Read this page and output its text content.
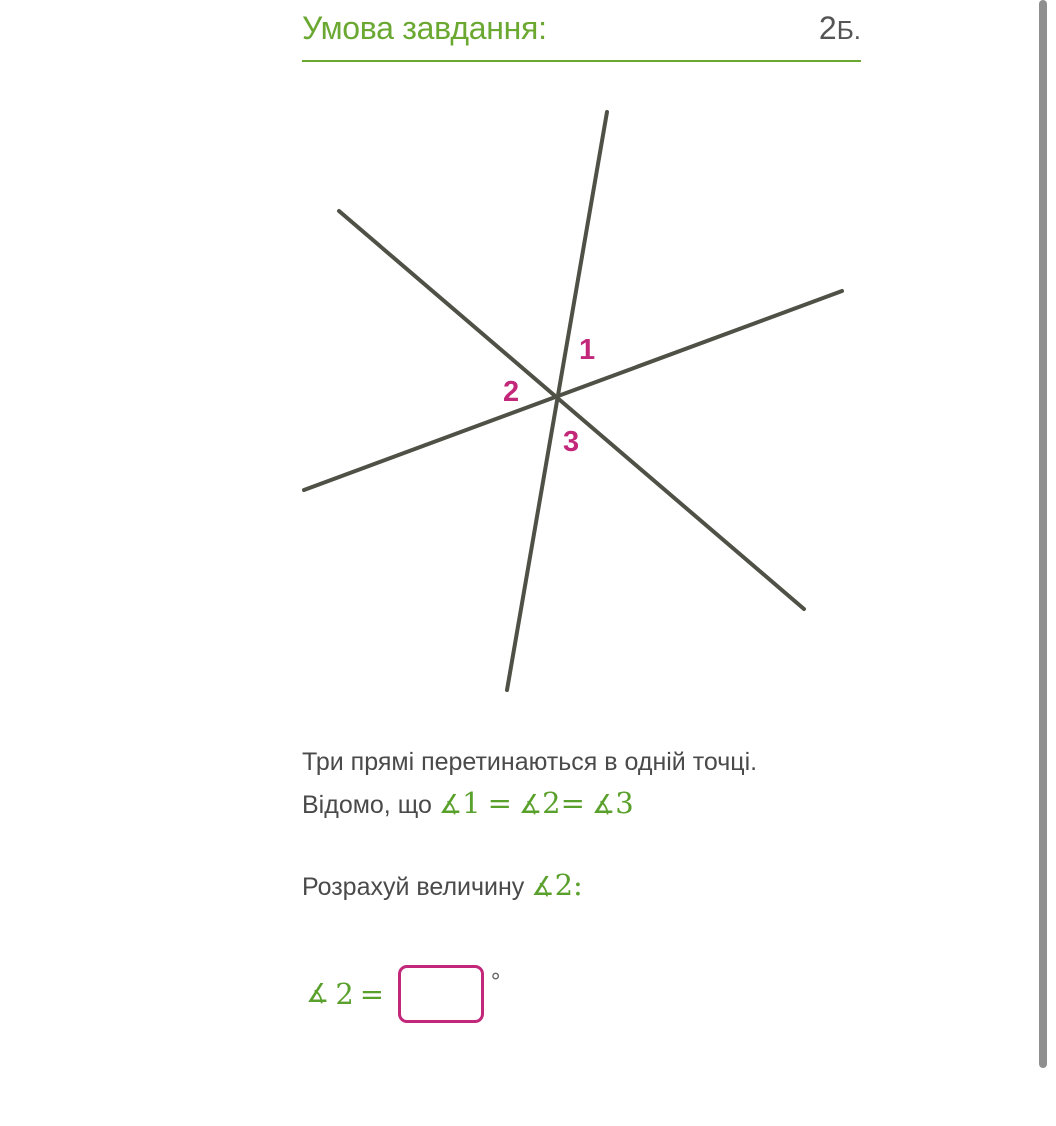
Умова завдання:	2Б.
1
2
3
Три прямі перетинаються в одній точці.
Відомо, що ∡1 = ∡2= ∡3
Розрахуй величину ∡2:
∡ 2 =	°
